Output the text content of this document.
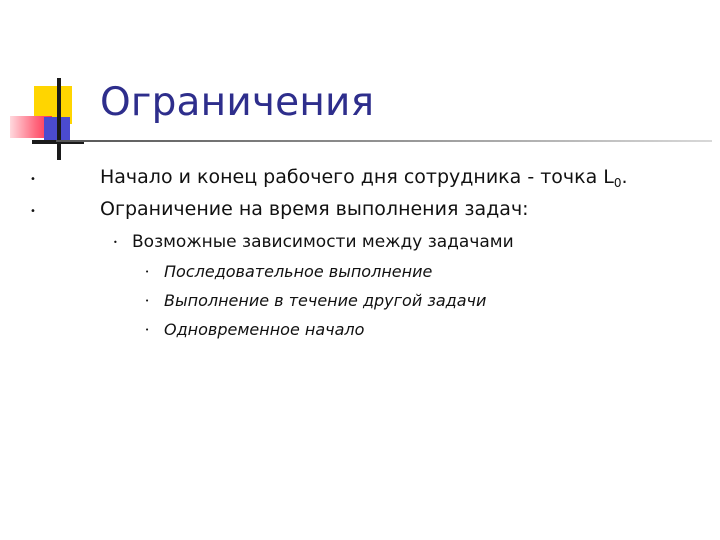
Ограничения
•	Начало и конец рабочего дня сотрудника - точка $L_0$.
•	Ограничение на время выполнения задач:
• Возможные зависимости между задачами
• Последовательное выполнение
• Выполнение в течение другой задачи
• Одновременное начало
